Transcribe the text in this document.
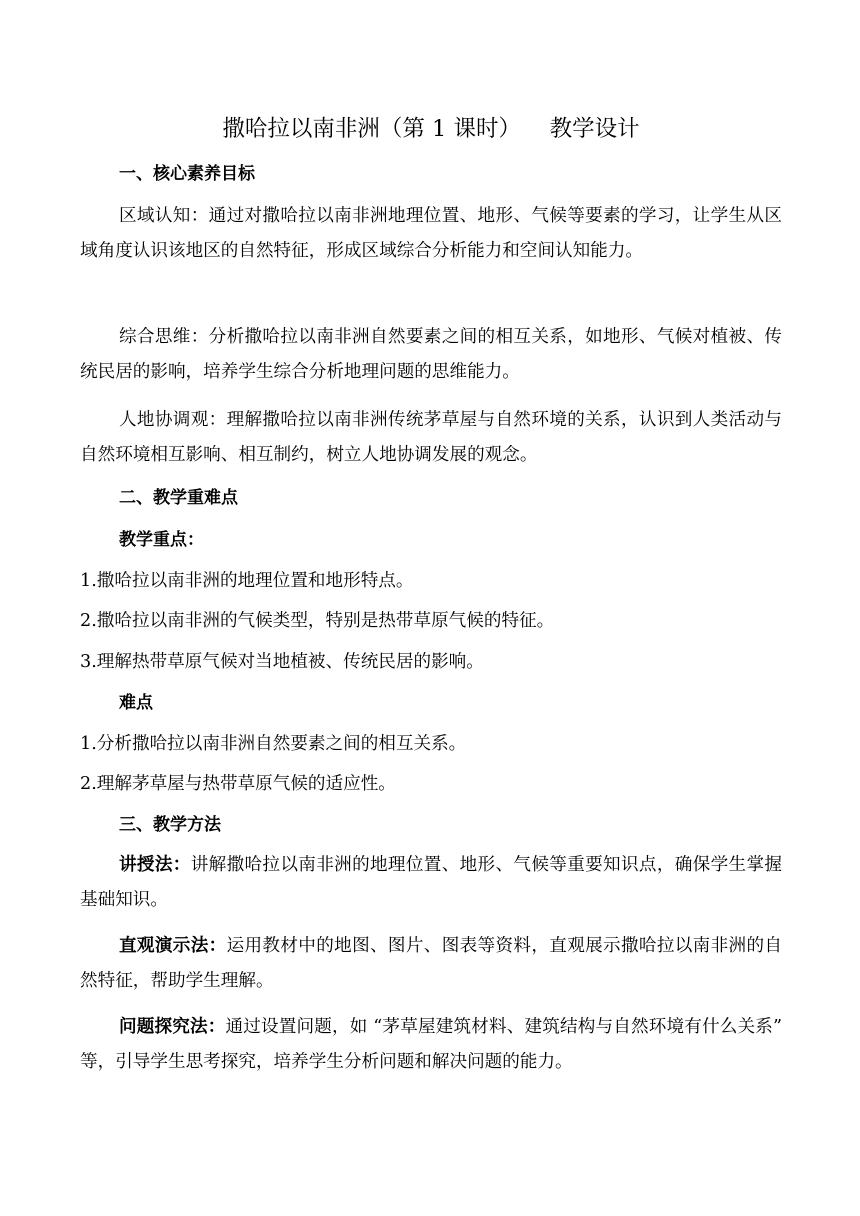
撒哈拉以南非洲（第 1 课时）    教学设计

一、核心素养目标

区域认知：通过对撒哈拉以南非洲地理位置、地形、气候等要素的学习，让学生从区域角度认识该地区的自然特征，形成区域综合分析能力和空间认知能力。

综合思维：分析撒哈拉以南非洲自然要素之间的相互关系，如地形、气候对植被、传统民居的影响，培养学生综合分析地理问题的思维能力。

人地协调观：理解撒哈拉以南非洲传统茅草屋与自然环境的关系，认识到人类活动与自然环境相互影响、相互制约，树立人地协调发展的观念。

二、教学重难点

教学重点：

1.撒哈拉以南非洲的地理位置和地形特点。

2.撒哈拉以南非洲的气候类型，特别是热带草原气候的特征。

3.理解热带草原气候对当地植被、传统民居的影响。

难点

1.分析撒哈拉以南非洲自然要素之间的相互关系。

2.理解茅草屋与热带草原气候的适应性。

三、教学方法

讲授法：讲解撒哈拉以南非洲的地理位置、地形、气候等重要知识点，确保学生掌握基础知识。

直观演示法：运用教材中的地图、图片、图表等资料，直观展示撒哈拉以南非洲的自然特征，帮助学生理解。

问题探究法：通过设置问题，如 “茅草屋建筑材料、建筑结构与自然环境有什么关系” 等，引导学生思考探究，培养学生分析问题和解决问题的能力。
